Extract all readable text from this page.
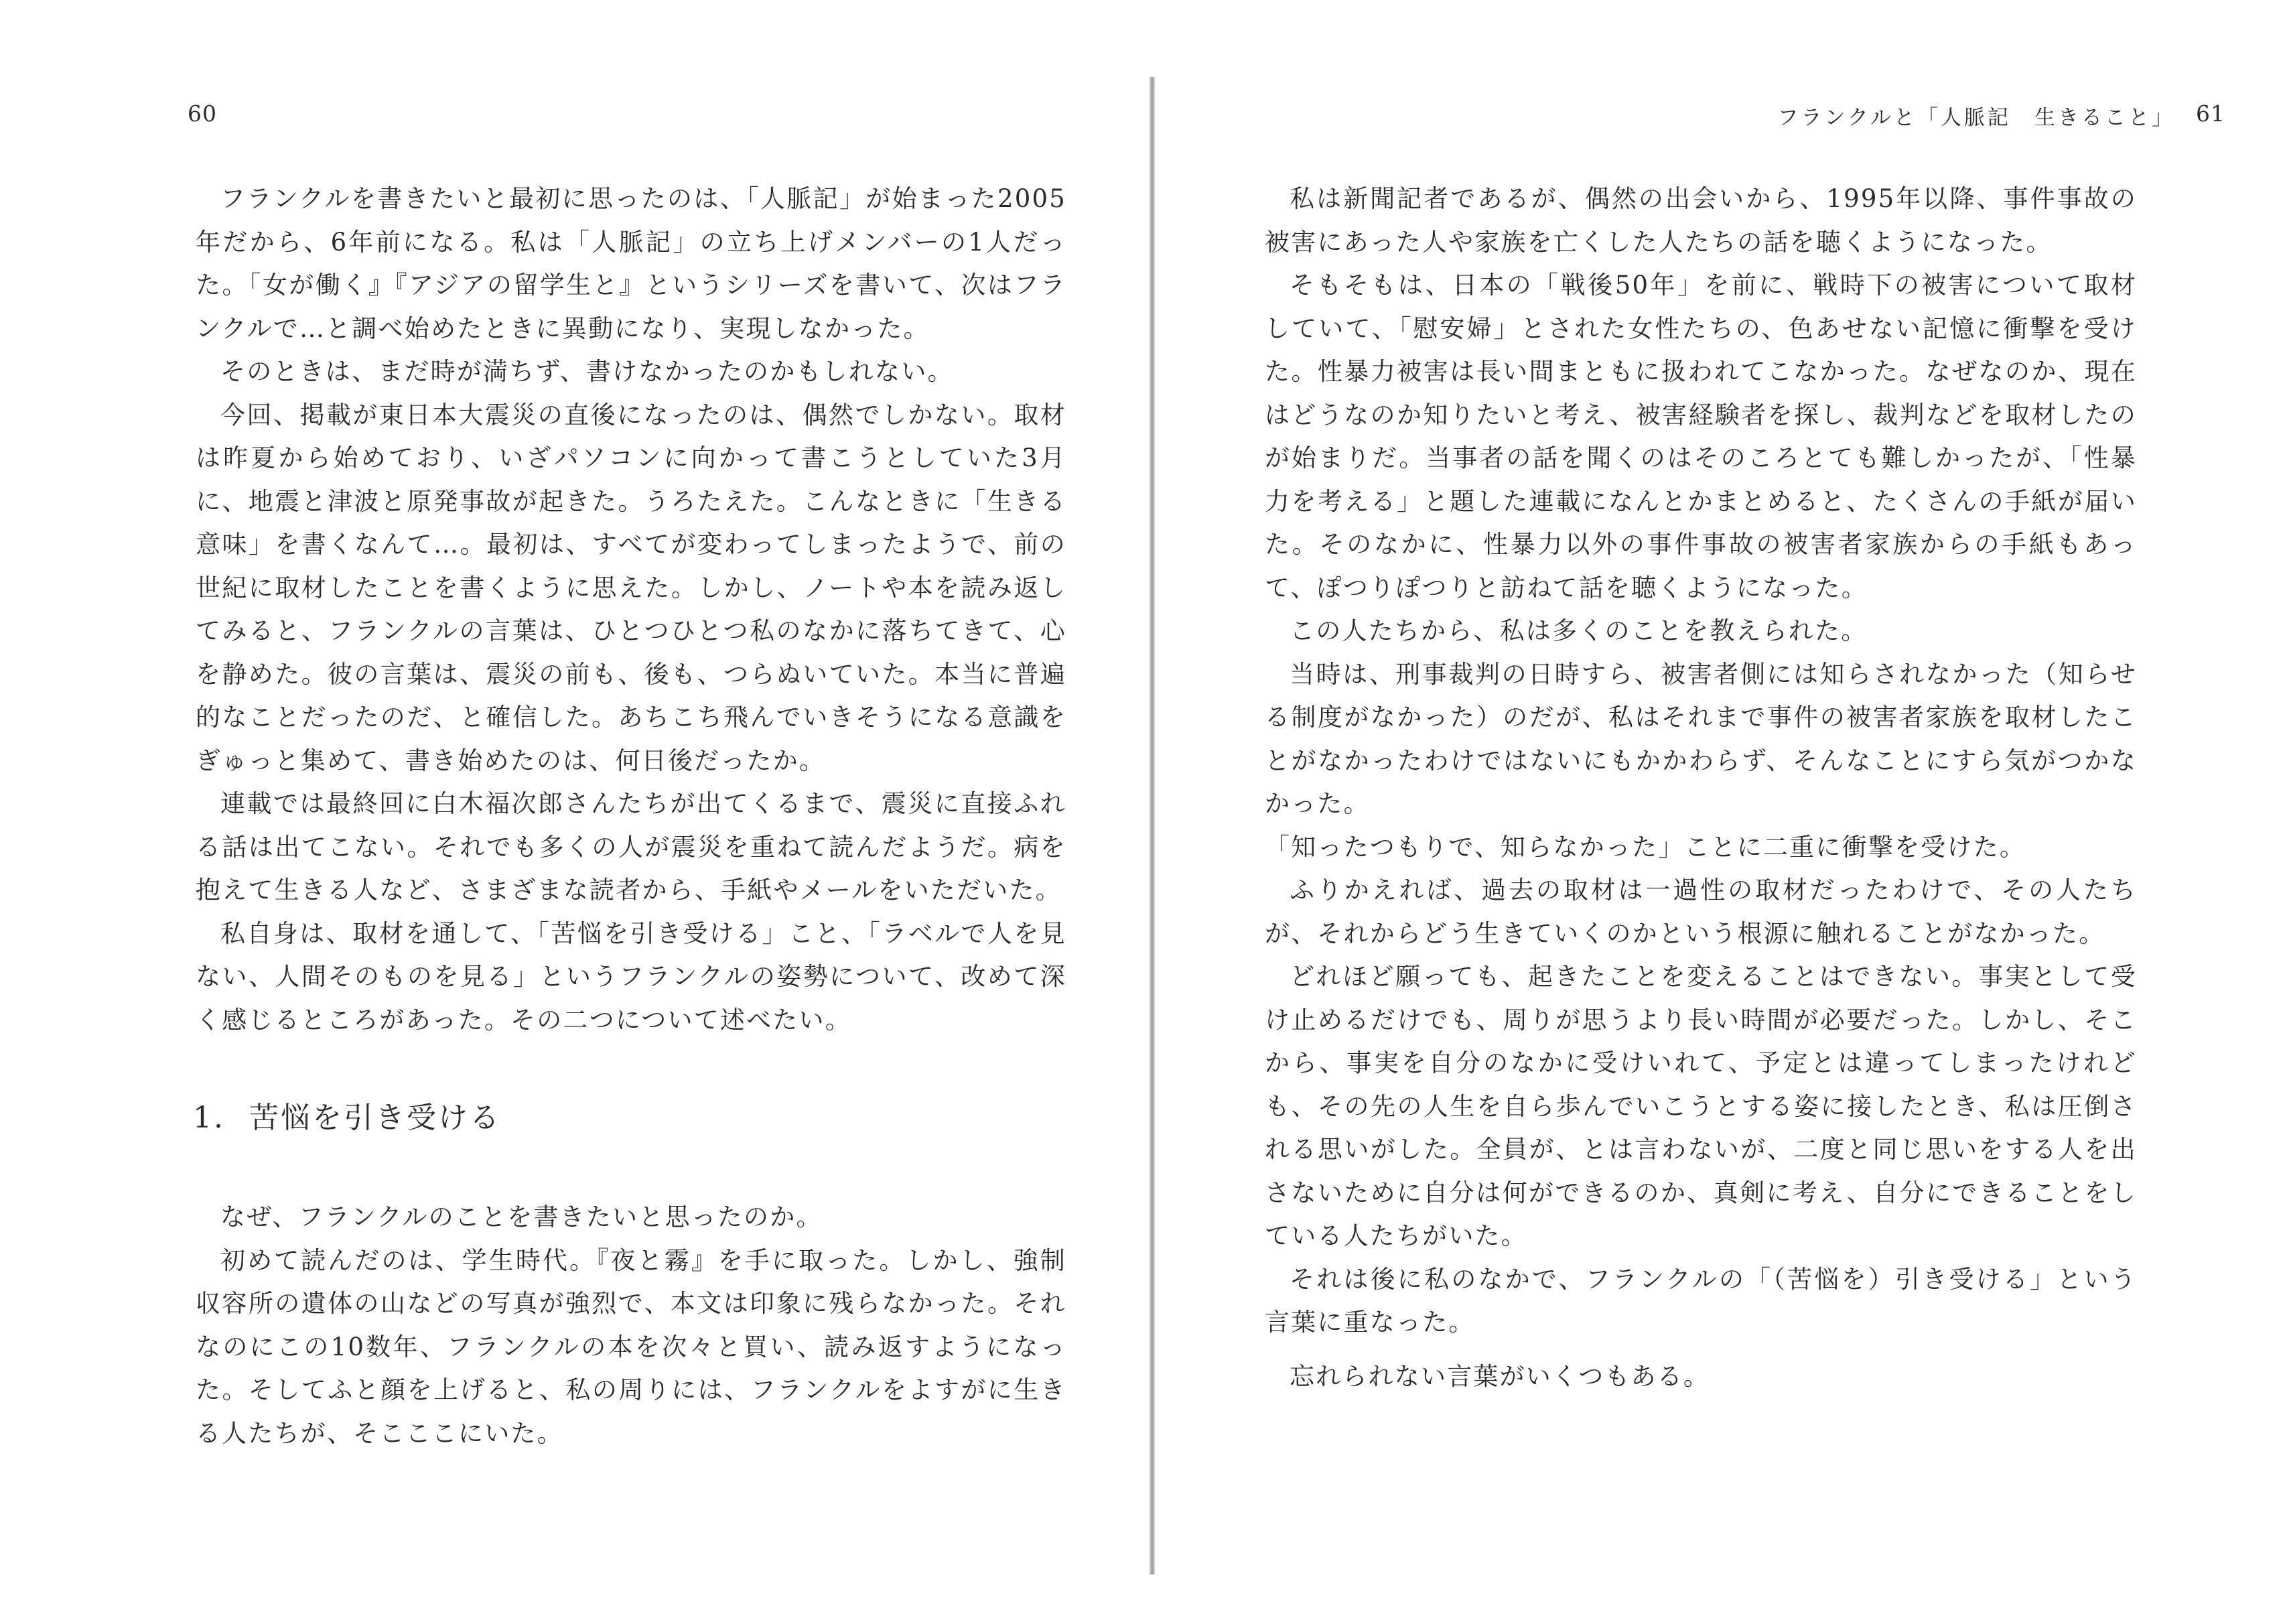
60

フランクルを書きたいと最初に思ったのは、「人脈記」が始まった2005年だから、6年前になる。私は「人脈記」の立ち上げメンバーの1人だった。「女が働く』『アジアの留学生と』というシリーズを書いて、次はフランクルで…と調べ始めたときに異動になり、実現しなかった。

そのときは、まだ時が満ちず、書けなかったのかもしれない。

今回、掲載が東日本大震災の直後になったのは、偶然でしかない。取材は昨夏から始めており、いざパソコンに向かって書こうとしていた3月に、地震と津波と原発事故が起きた。うろたえた。こんなときに「生きる意味」を書くなんて…。最初は、すべてが変わってしまったようで、前の世紀に取材したことを書くように思えた。しかし、ノートや本を読み返してみると、フランクルの言葉は、ひとつひとつ私のなかに落ちてきて、心を静めた。彼の言葉は、震災の前も、後も、つらぬいていた。本当に普遍的なことだったのだ、と確信した。あちこち飛んでいきそうになる意識をぎゅっと集めて、書き始めたのは、何日後だったか。

連載では最終回に白木福次郎さんたちが出てくるまで、震災に直接ふれる話は出てこない。それでも多くの人が震災を重ねて読んだようだ。病を抱えて生きる人など、さまざまな読者から、手紙やメールをいただいた。

私自身は、取材を通して、「苦悩を引き受ける」こと、「ラベルで人を見ない、人間そのものを見る」というフランクルの姿勢について、改めて深く感じるところがあった。その二つについて述べたい。

1. 苦悩を引き受ける

なぜ、フランクルのことを書きたいと思ったのか。

初めて読んだのは、学生時代。『夜と霧』を手に取った。しかし、強制収容所の遺体の山などの写真が強烈で、本文は印象に残らなかった。それなのにこの10数年、フランクルの本を次々と買い、読み返すようになった。そしてふと顔を上げると、私の周りには、フランクルをよすがに生きる人たちが、そこここにいた。

フランクルと「人脈記　生きること」 61

私は新聞記者であるが、偶然の出会いから、1995年以降、事件事故の被害にあった人や家族を亡くした人たちの話を聴くようになった。

そもそもは、日本の「戦後50年」を前に、戦時下の被害について取材していて、「慰安婦」とされた女性たちの、色あせない記憶に衝撃を受けた。性暴力被害は長い間まともに扱われてこなかった。なぜなのか、現在はどうなのか知りたいと考え、被害経験者を探し、裁判などを取材したのが始まりだ。当事者の話を聞くのはそのころとても難しかったが、「性暴力を考える」と題した連載になんとかまとめると、たくさんの手紙が届いた。そのなかに、性暴力以外の事件事故の被害者家族からの手紙もあって、ぽつりぽつりと訪ねて話を聴くようになった。

この人たちから、私は多くのことを教えられた。

当時は、刑事裁判の日時すら、被害者側には知らされなかった（知らせる制度がなかった）のだが、私はそれまで事件の被害者家族を取材したことがなかったわけではないにもかかわらず、そんなことにすら気がつかなかった。

「知ったつもりで、知らなかった」ことに二重に衝撃を受けた。

ふりかえれば、過去の取材は一過性の取材だったわけで、その人たちが、それからどう生きていくのかという根源に触れることがなかった。

どれほど願っても、起きたことを変えることはできない。事実として受け止めるだけでも、周りが思うより長い時間が必要だった。しかし、そこから、事実を自分のなかに受けいれて、予定とは違ってしまったけれども、その先の人生を自ら歩んでいこうとする姿に接したとき、私は圧倒される思いがした。全員が、とは言わないが、二度と同じ思いをする人を出さないために自分は何ができるのか、真剣に考え、自分にできることをしている人たちがいた。

それは後に私のなかで、フランクルの「（苦悩を）引き受ける」という言葉に重なった。

忘れられない言葉がいくつもある。
